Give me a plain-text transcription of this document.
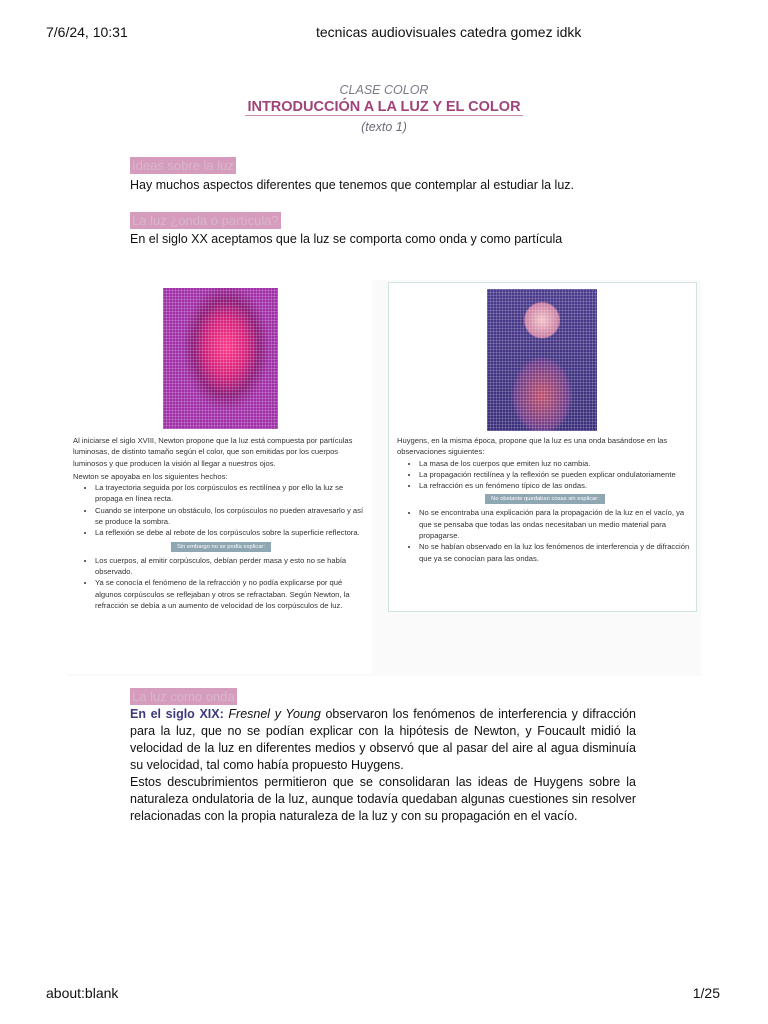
7/6/24, 10:31	tecnicas audiovisuales catedra gomez idkk
about:blank	1/25
CLASE COLOR
INTRODUCCIÓN A LA LUZ Y EL COLOR
(texto 1)
Ideas sobre la luz
Hay muchos aspectos diferentes que tenemos que contemplar al estudiar la luz.
La luz ¿onda o partícula?
En el siglo XX aceptamos que la luz se comporta como onda y como partícula

Al iniciarse el siglo XVIII, Newton propone que la luz está compuesta por partículas luminosas, de distinto tamaño según el color, que son emitidas por los cuerpos luminosos y que producen la visión al llegar a nuestros ojos.

Newton se apoyaba en los siguientes hechos:

• La trayectoria seguida por los corpúsculos es rectilínea y por ello la luz se propaga en línea recta.
• Cuando se interpone un obstáculo, los corpúsculos no pueden atravesarlo y así se produce la sombra.
• La reflexión se debe al rebote de los corpúsculos sobre la superficie reflectora.
Sin embargo no se podía explicar:
• Los cuerpos, al emitir corpúsculos, debían perder masa y esto no se había observado.
• Ya se conocía el fenómeno de la refracción y no podía explicarse por qué algunos corpúsculos se reflejaban y otros se refractaban. Según Newton, la refracción se debía a un aumento de velocidad de los corpúsculos de luz.

Huygens, en la misma época, propone que la luz es una onda basándose en las observaciones siguientes:

• La masa de los cuerpos que emiten luz no cambia.
• La propagación rectilínea y la reflexión se pueden explicar ondulatoriamente
• La refracción es un fenómeno típico de las ondas.
No obstante quedaban cosas sin explicar:
• No se encontraba una explicación para la propagación de la luz en el vacío, ya que se pensaba que todas las ondas necesitaban un medio material para propagarse.
• No se habían observado en la luz los fenómenos de interferencia y de difracción que ya se conocían para las ondas.
La luz como onda
En el siglo XIX: Fresnel y Young observaron los fenómenos de interferencia y difracción para la luz, que no se podían explicar con la hipótesis de Newton, y Foucault midió la velocidad de la luz en diferentes medios y observó que al pasar del aire al agua disminuía su velocidad, tal como había propuesto Huygens.
Estos descubrimientos permitieron que se consolidaran las ideas de Huygens sobre la naturaleza ondulatoria de la luz, aunque todavía quedaban algunas cuestiones sin resolver relacionadas con la propia naturaleza de la luz y con su propagación en el vacío.
